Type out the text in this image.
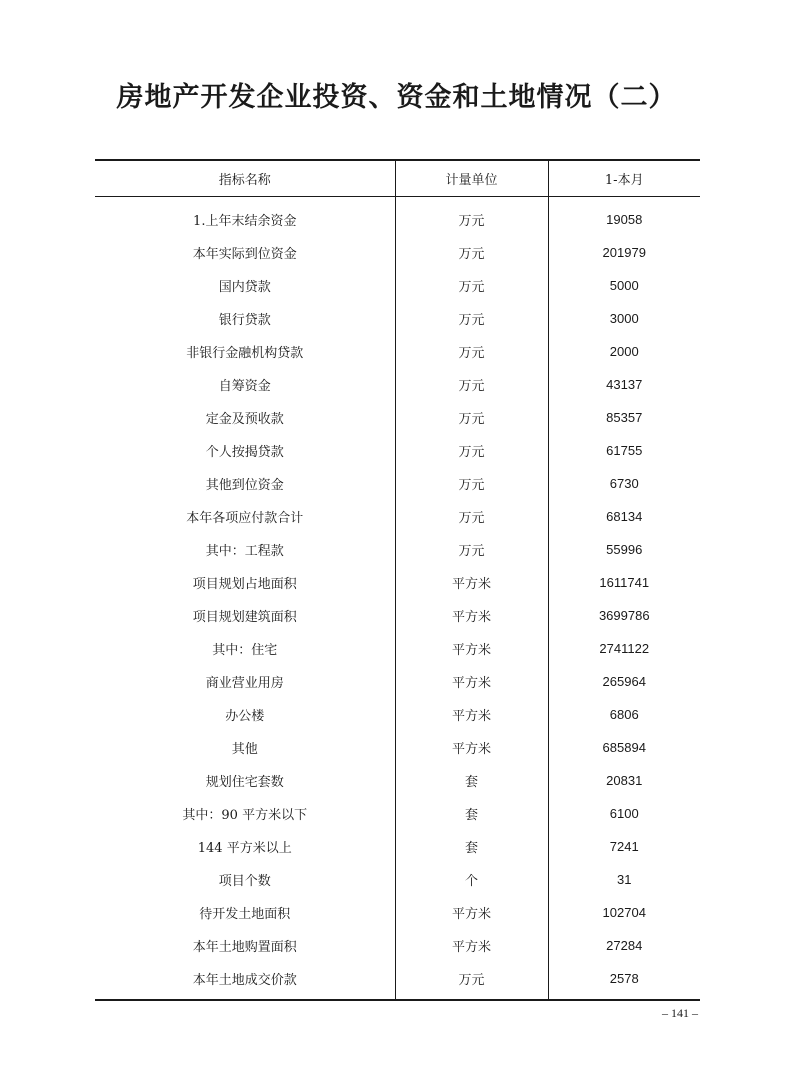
房地产开发企业投资、资金和土地情况（二）
指标名称	计量单位	1-本月
1.上年末结余资金	万元	19058
本年实际到位资金	万元	201979
国内贷款	万元	5000
银行贷款	万元	3000
非银行金融机构贷款	万元	2000
自筹资金	万元	43137
定金及预收款	万元	85357
个人按揭贷款	万元	61755
其他到位资金	万元	6730
本年各项应付款合计	万元	68134
其中：工程款	万元	55996
项目规划占地面积	平方米	1611741
项目规划建筑面积	平方米	3699786
其中：住宅	平方米	2741122
商业营业用房	平方米	265964
办公楼	平方米	6806
其他	平方米	685894
规划住宅套数	套	20831
其中：90 平方米以下	套	6100
144 平方米以上	套	7241
项目个数	个	31
待开发土地面积	平方米	102704
本年土地购置面积	平方米	27284
本年土地成交价款	万元	2578
– 141 –
